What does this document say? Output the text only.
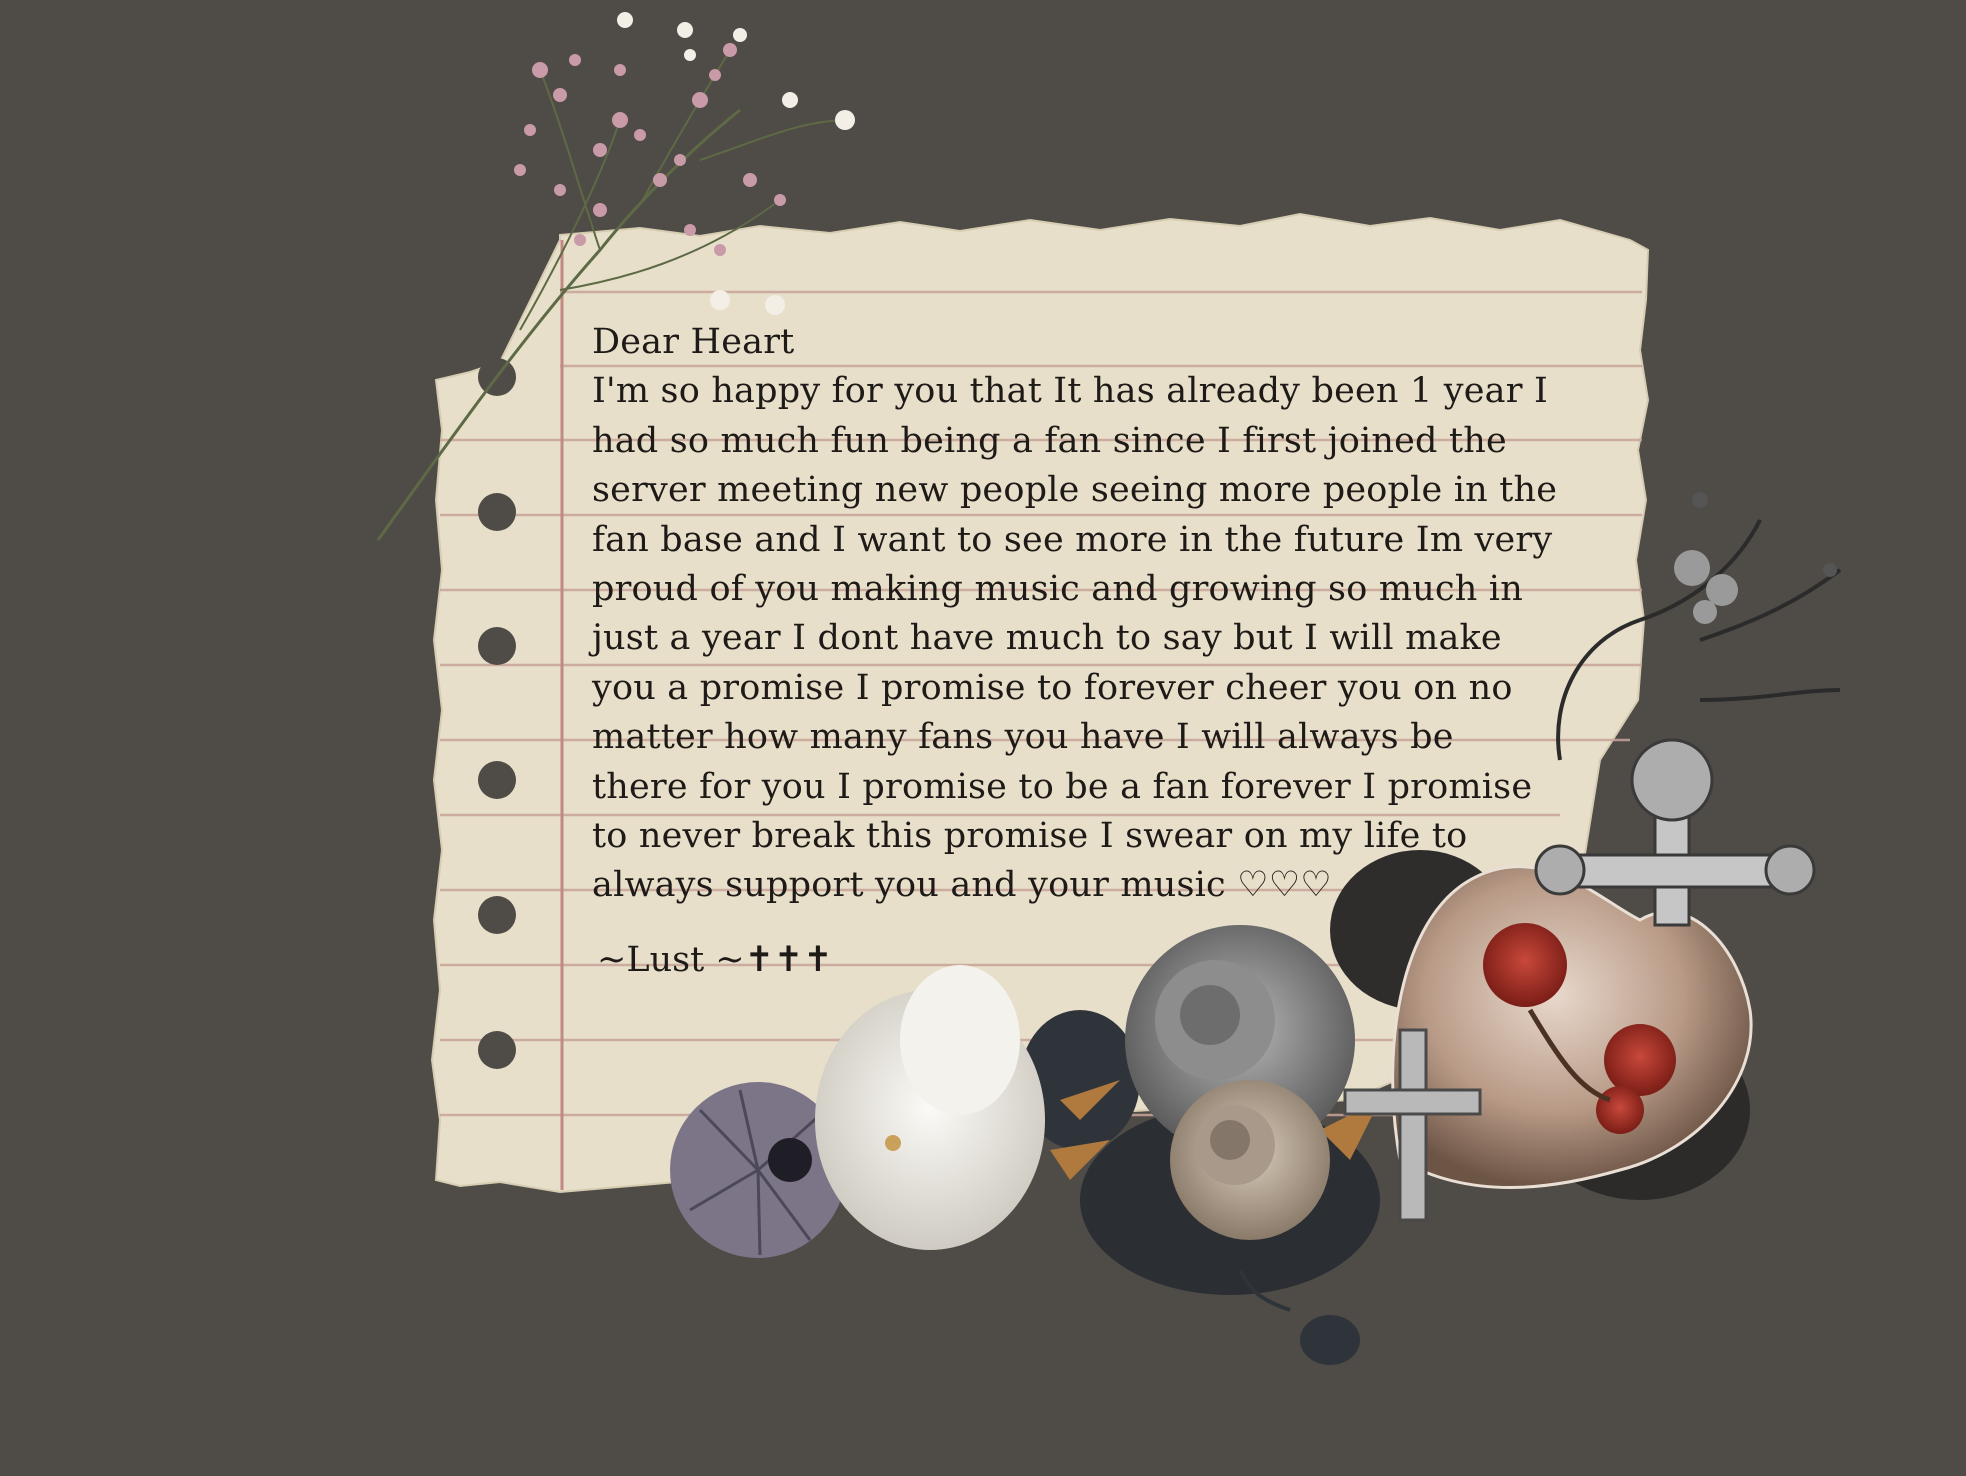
Dear Heart
I'm so happy for you that It has already been 1 year I
had so much fun being a fan since I first joined the
server meeting new people seeing more people in the
fan base and I want to see more in the future Im very
proud of you making music and growing so much in
just a year I dont have much to say but I will make
you a promise I promise to forever cheer you on no
matter how many fans you have I will always be
there for you I promise to be a fan forever I promise
to never break this promise I swear on my life to
always support you and your music ♡♡♡
~Lust ~✝✝✝
